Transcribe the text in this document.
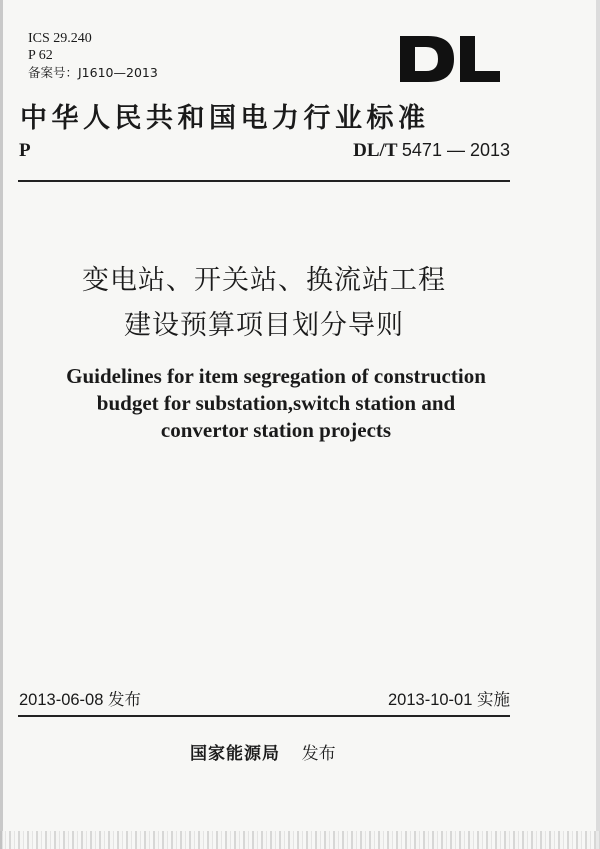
ICS 29.240
P 62
备案号：J1610—2013
中华人民共和国电力行业标准
P	DL/T 5471 — 2013
变电站、开关站、换流站工程
建设预算项目划分导则
Guidelines for item segregation of construction
budget for substation,switch station and
convertor station projects
2013-06-08 发布	2013-10-01 实施
国家能源局 发布
